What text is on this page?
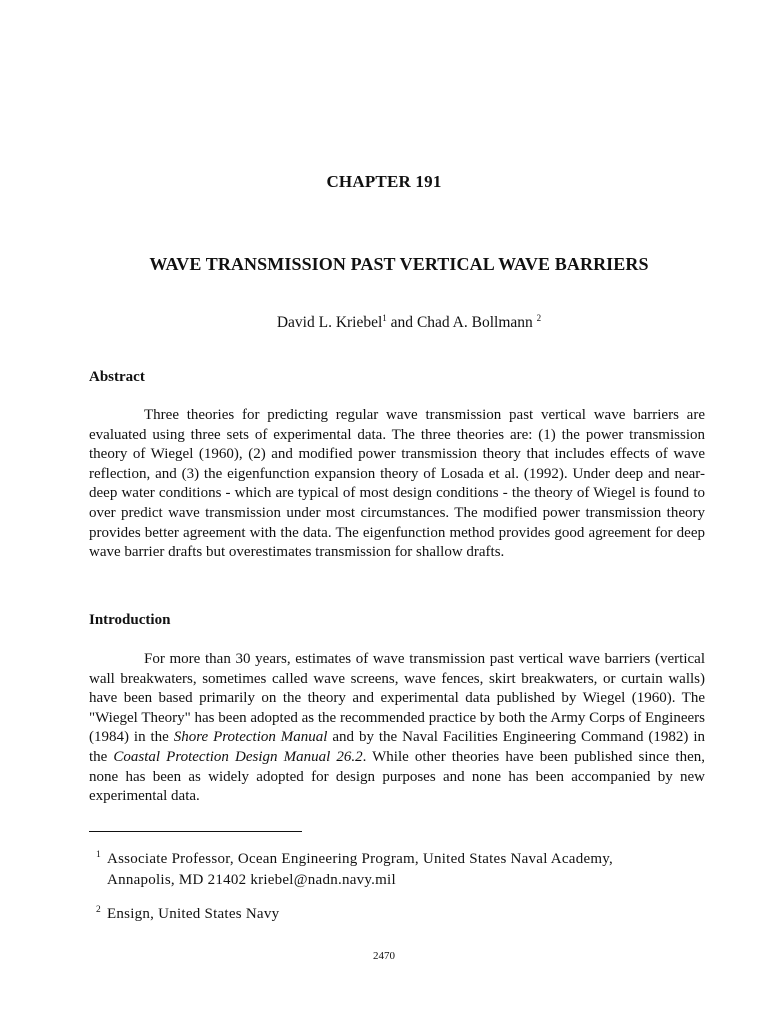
CHAPTER 191
WAVE TRANSMISSION PAST VERTICAL WAVE BARRIERS
David L. Kriebel$^1$ and Chad A. Bollmann $^2$
Abstract

Three theories for predicting regular wave transmission past vertical wave barriers are evaluated using three sets of experimental data. The three theories are: (1) the power transmission theory of Wiegel (1960), (2) and modified power transmission theory that includes effects of wave reflection, and (3) the eigenfunction expansion theory of Losada et al. (1992). Under deep and near-deep water conditions - which are typical of most design conditions - the theory of Wiegel is found to over predict wave transmission under most circumstances. The modified power transmission theory provides better agreement with the data. The eigenfunction method provides good agreement for deep wave barrier drafts but overestimates transmission for shallow drafts.

Introduction

For more than 30 years, estimates of wave transmission past vertical wave barriers (vertical wall breakwaters, sometimes called wave screens, wave fences, skirt breakwaters, or curtain walls) have been based primarily on the theory and experimental data published by Wiegel (1960). The "Wiegel Theory" has been adopted as the recommended practice by both the Army Corps of Engineers (1984) in the Shore Protection Manual and by the Naval Facilities Engineering Command (1982) in the Coastal Protection Design Manual 26.2. While other theories have been published since then, none has been as widely adopted for design purposes and none has been accompanied by new experimental data.

1 Associate Professor, Ocean Engineering Program, United States Naval Academy,
Annapolis, MD 21402 kriebel@nadn.navy.mil
2 Ensign, United States Navy
2470
